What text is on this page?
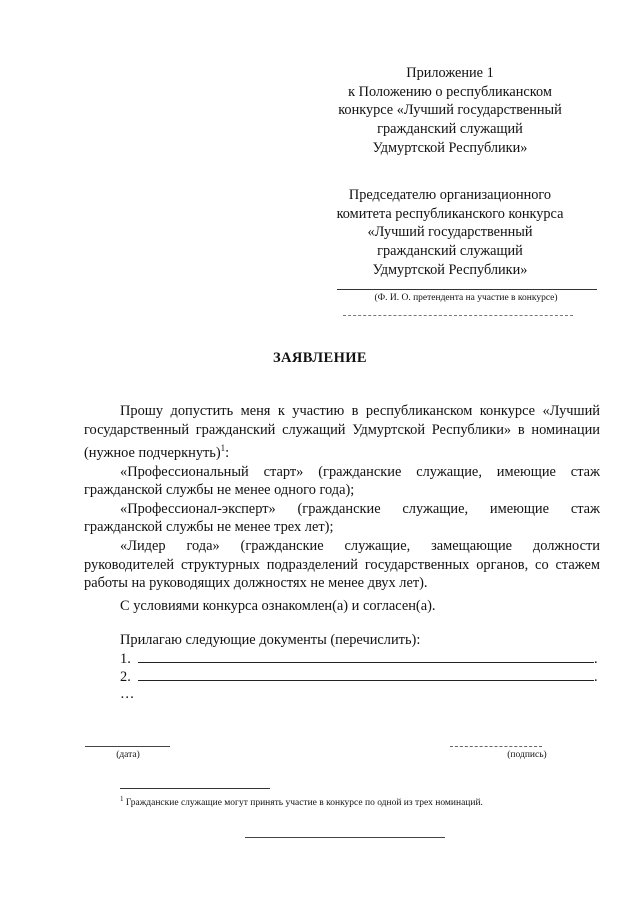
Приложение 1
к Положению о республиканском
конкурсе «Лучший государственный
гражданский служащий
Удмуртской Республики»
Председателю организационного
комитета республиканского конкурса
«Лучший государственный
гражданский служащий
Удмуртской Республики»
(Ф. И. О. претендента на участие в конкурсе)
ЗАЯВЛЕНИЕ

Прошу допустить меня к участию в республиканском конкурсе «Лучший государственный гражданский служащий Удмуртской Республики» в номинации (нужное подчеркнуть)$^1$:

«Профессиональный старт» (гражданские служащие, имеющие стаж гражданской службы не менее одного года);

«Профессионал-эксперт» (гражданские служащие, имеющие стаж гражданской службы не менее трех лет);

«Лидер года» (гражданские служащие, замещающие должности руководителей структурных подразделений государственных органов, со стажем работы на руководящих должностях не менее двух лет).

С условиями конкурса ознакомлен(а) и согласен(а).
Прилагаю следующие документы (перечислить):
1.	.
2.	.
…
(дата)	(подпись)
$^1$ Гражданские служащие могут принять участие в конкурсе по одной из трех номинаций.
